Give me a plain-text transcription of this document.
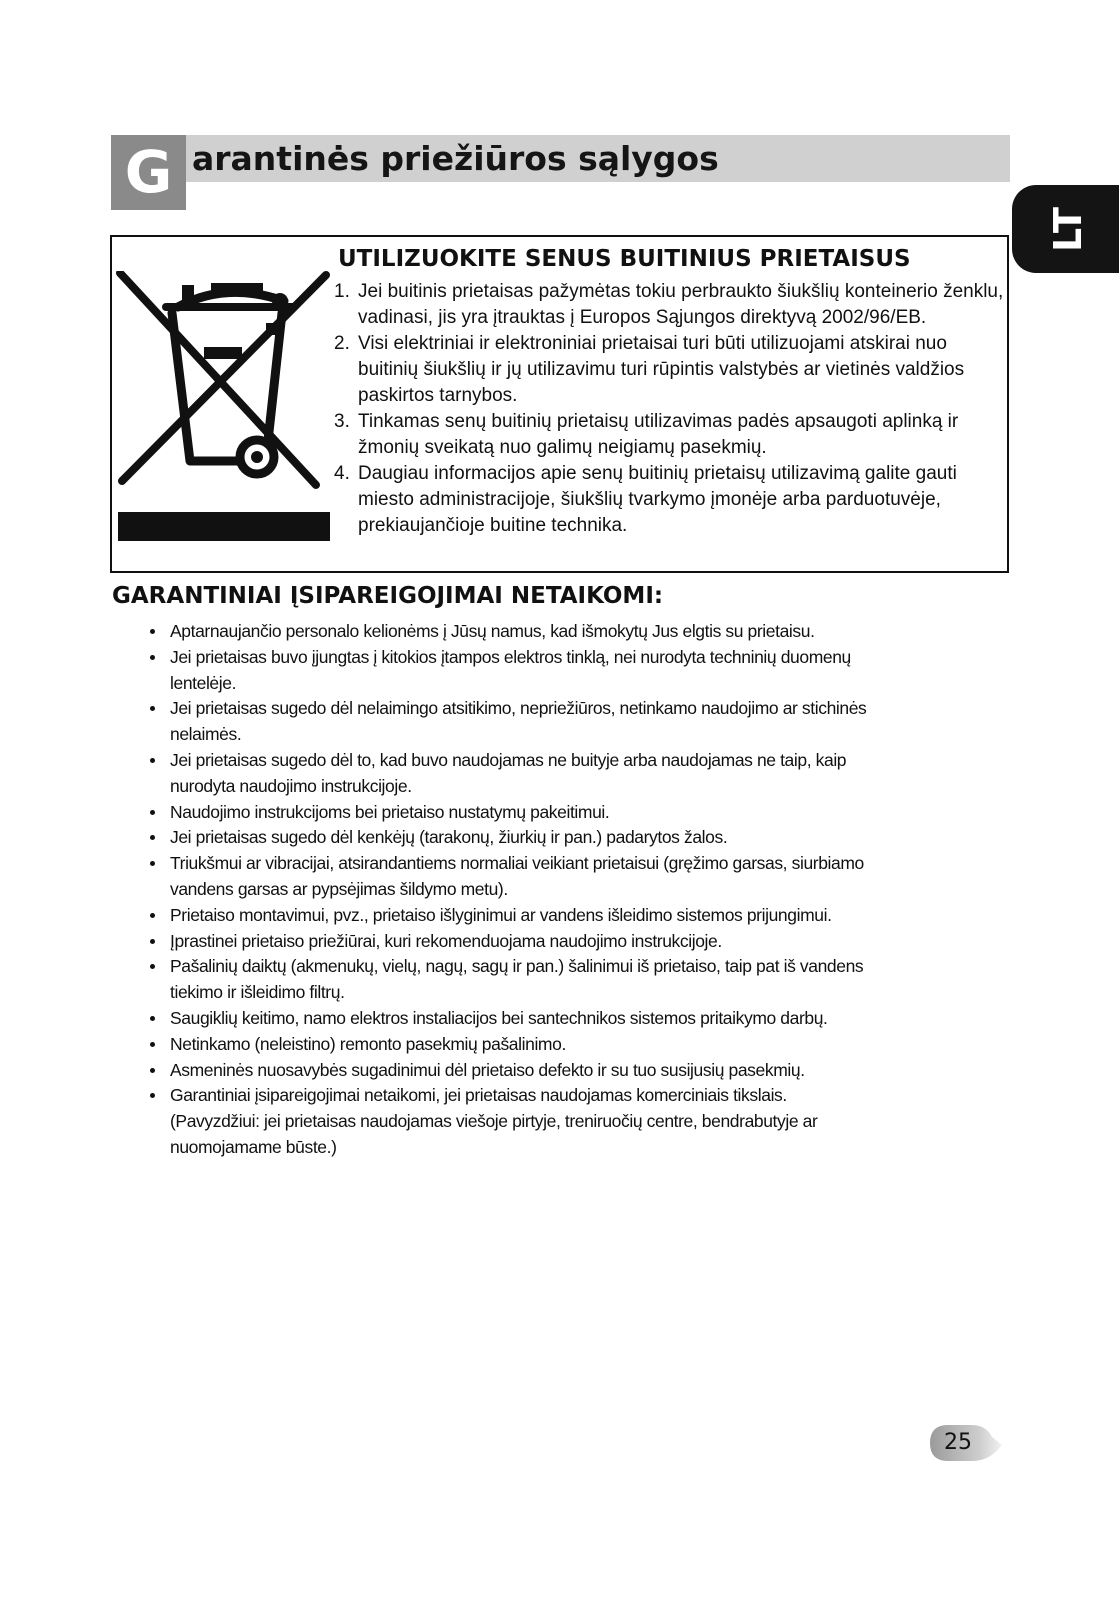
G arantinės priežiūros sąlygos
LT
UTILIZUOKITE SENUS BUITINIUS PRIETAISUS
1. Jei buitinis prietaisas pažymėtas tokiu perbraukto šiukšlių konteinerio ženklu, vadinasi, jis yra įtrauktas į Europos Sąjungos direktyvą 2002/96/EB.
2. Visi elektriniai ir elektroniniai prietaisai turi būti utilizuojami atskirai nuo buitinių šiukšlių ir jų utilizavimu turi rūpintis valstybės ar vietinės valdžios paskirtos tarnybos.
3. Tinkamas senų buitinių prietaisų utilizavimas padės apsaugoti aplinką ir žmonių sveikatą nuo galimų neigiamų pasekmių.
4. Daugiau informacijos apie senų buitinių prietaisų utilizavimą galite gauti miesto administracijoje, šiukšlių tvarkymo įmonėje arba parduotuvėje, prekiaujančioje buitine technika.
GARANTINIAI ĮSIPAREIGOJIMAI NETAIKOMI:
Aptarnaujančio personalo kelionėms į Jūsų namus, kad išmokytų Jus elgtis su prietaisu.
Jei prietaisas buvo įjungtas į kitokios įtampos elektros tinklą, nei nurodyta techninių duomenų lentelėje.
Jei prietaisas sugedo dėl nelaimingo atsitikimo, nepriežiūros, netinkamo naudojimo ar stichinės nelaimės.
Jei prietaisas sugedo dėl to, kad buvo naudojamas ne buityje arba naudojamas ne taip, kaip nurodyta naudojimo instrukcijoje.
Naudojimo instrukcijoms bei prietaiso nustatymų pakeitimui.
Jei prietaisas sugedo dėl kenkėjų (tarakonų, žiurkių ir pan.) padarytos žalos.
Triukšmui ar vibracijai, atsirandantiems normaliai veikiant prietaisui (gręžimo garsas, siurbiamo vandens garsas ar pypsėjimas šildymo metu).
Prietaiso montavimui, pvz., prietaiso išlyginimui ar vandens išleidimo sistemos prijungimui.
Įprastinei prietaiso priežiūrai, kuri rekomenduojama naudojimo instrukcijoje.
Pašalinių daiktų (akmenukų, vielų, nagų, sagų ir pan.) šalinimui iš prietaiso, taip pat iš vandens tiekimo ir išleidimo filtrų.
Saugiklių keitimo, namo elektros instaliacijos bei santechnikos sistemos pritaikymo darbų.
Netinkamo (neleistino) remonto pasekmių pašalinimo.
Asmeninės nuosavybės sugadinimui dėl prietaiso defekto ir su tuo susijusių pasekmių.
Garantiniai įsipareigojimai netaikomi, jei prietaisas naudojamas komerciniais tikslais. (Pavyzdžiui: jei prietaisas naudojamas viešoje pirtyje, treniruočių centre, bendrabutyje ar nuomojamame būste.)
25
